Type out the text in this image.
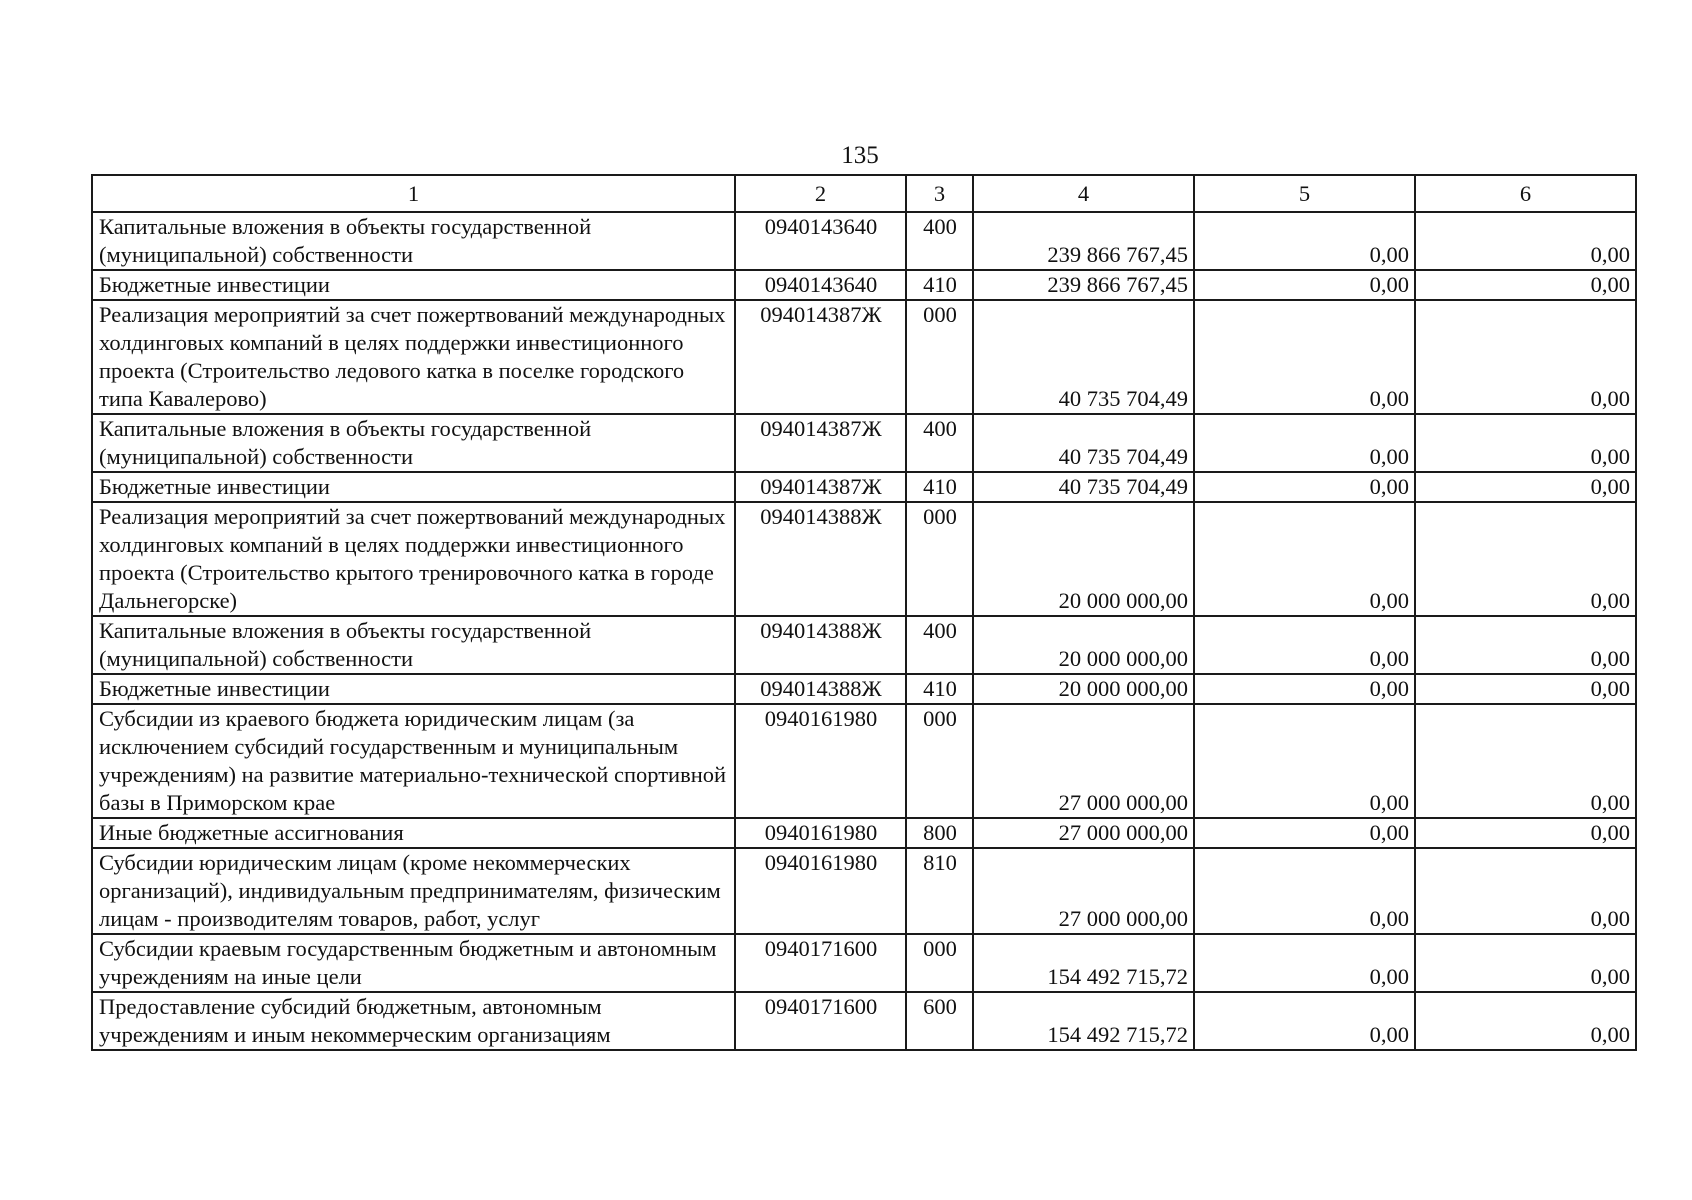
135
1	2	3	4	5	6
Капитальные вложения в объекты государственной (муниципальной) собственности	0940143640	400	239 866 767,45	0,00	0,00
Бюджетные инвестиции	0940143640	410	239 866 767,45	0,00	0,00
Реализация мероприятий за счет пожертвований международных холдинговых компаний в целях поддержки инвестиционного проекта (Строительство ледового катка в поселке городского типа Кавалерово)	094014387Ж	000	40 735 704,49	0,00	0,00
Капитальные вложения в объекты государственной (муниципальной) собственности	094014387Ж	400	40 735 704,49	0,00	0,00
Бюджетные инвестиции	094014387Ж	410	40 735 704,49	0,00	0,00
Реализация мероприятий за счет пожертвований международных холдинговых компаний в целях поддержки инвестиционного проекта (Строительство крытого тренировочного катка в городе Дальнегорске)	094014388Ж	000	20 000 000,00	0,00	0,00
Капитальные вложения в объекты государственной (муниципальной) собственности	094014388Ж	400	20 000 000,00	0,00	0,00
Бюджетные инвестиции	094014388Ж	410	20 000 000,00	0,00	0,00
Субсидии из краевого бюджета юридическим лицам (за исключением субсидий государственным и муниципальным учреждениям) на развитие материально-технической спортивной базы в Приморском крае	0940161980	000	27 000 000,00	0,00	0,00
Иные бюджетные ассигнования	0940161980	800	27 000 000,00	0,00	0,00
Субсидии юридическим лицам (кроме некоммерческих организаций), индивидуальным предпринимателям, физическим лицам - производителям товаров, работ, услуг	0940161980	810	27 000 000,00	0,00	0,00
Субсидии краевым государственным бюджетным и автономным учреждениям на иные цели	0940171600	000	154 492 715,72	0,00	0,00
Предоставление субсидий бюджетным, автономным учреждениям и иным некоммерческим организациям	0940171600	600	154 492 715,72	0,00	0,00
